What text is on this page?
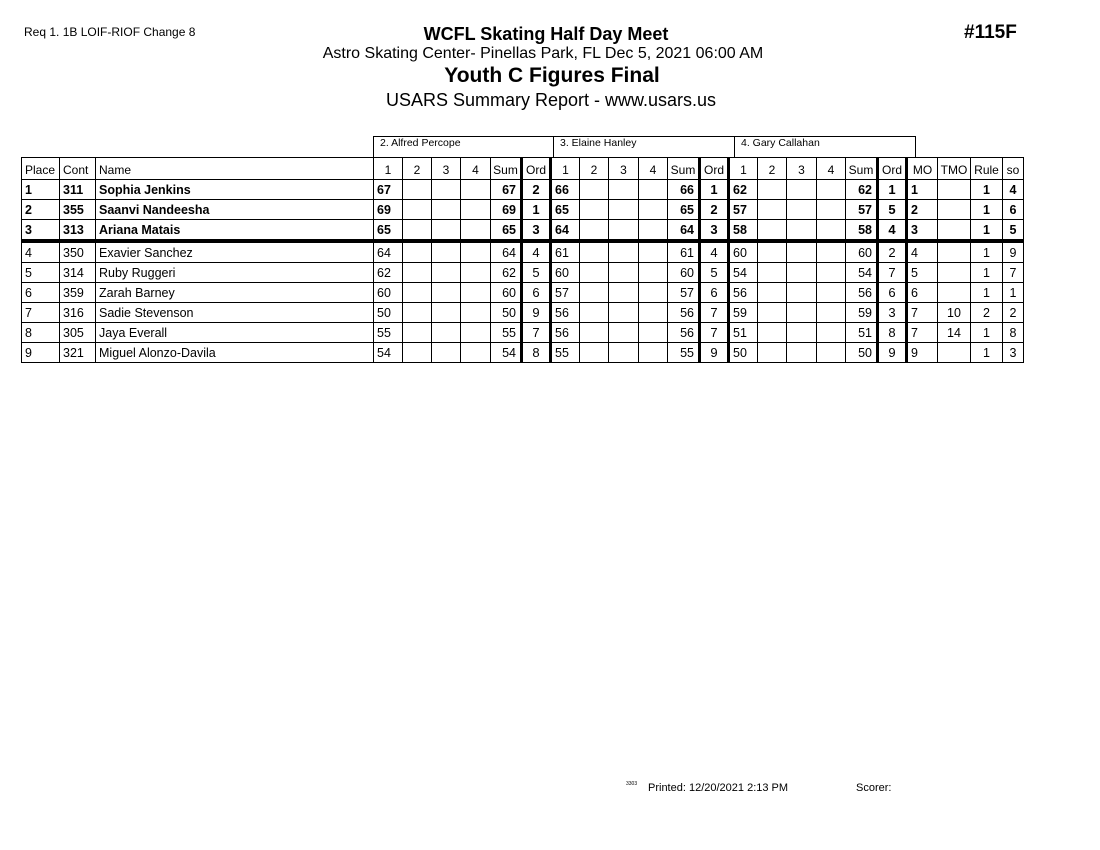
Req 1. 1B LOIF-RIOF Change 8	#115F
WCFL Skating Half Day Meet
Astro Skating Center- Pinellas Park, FL Dec 5, 2021 06:00 AM
Youth C Figures Final
USARS Summary Report - www.usars.us
2. Alfred Percope	3. Elaine Hanley	4. Gary Callahan
Place	Cont	Name	1	2	3	4	Sum	Ord	1	2	3	4	Sum	Ord	1	2	3	4	Sum	Ord	MO	TMO	Rule	so
1	311	Sophia Jenkins	67				67	2	66				66	1	62				62	1	1		1	4
2	355	Saanvi Nandeesha	69				69	1	65				65	2	57				57	5	2		1	6
3	313	Ariana Matais	65				65	3	64				64	3	58				58	4	3		1	5
4	350	Exavier Sanchez	64				64	4	61				61	4	60				60	2	4		1	9
5	314	Ruby Ruggeri	62				62	5	60				60	5	54				54	7	5		1	7
6	359	Zarah Barney	60				60	6	57				57	6	56				56	6	6		1	1
7	316	Sadie Stevenson	50				50	9	56				56	7	59				59	3	7	10	2	2
8	305	Jaya Everall	55				55	7	56				56	7	51				51	8	7	14	1	8
9	321	Miguel Alonzo-Davila	54				54	8	55				55	9	50				50	9	9		1	3
3303 Printed: 12/20/2021 2:13 PM	Scorer:
